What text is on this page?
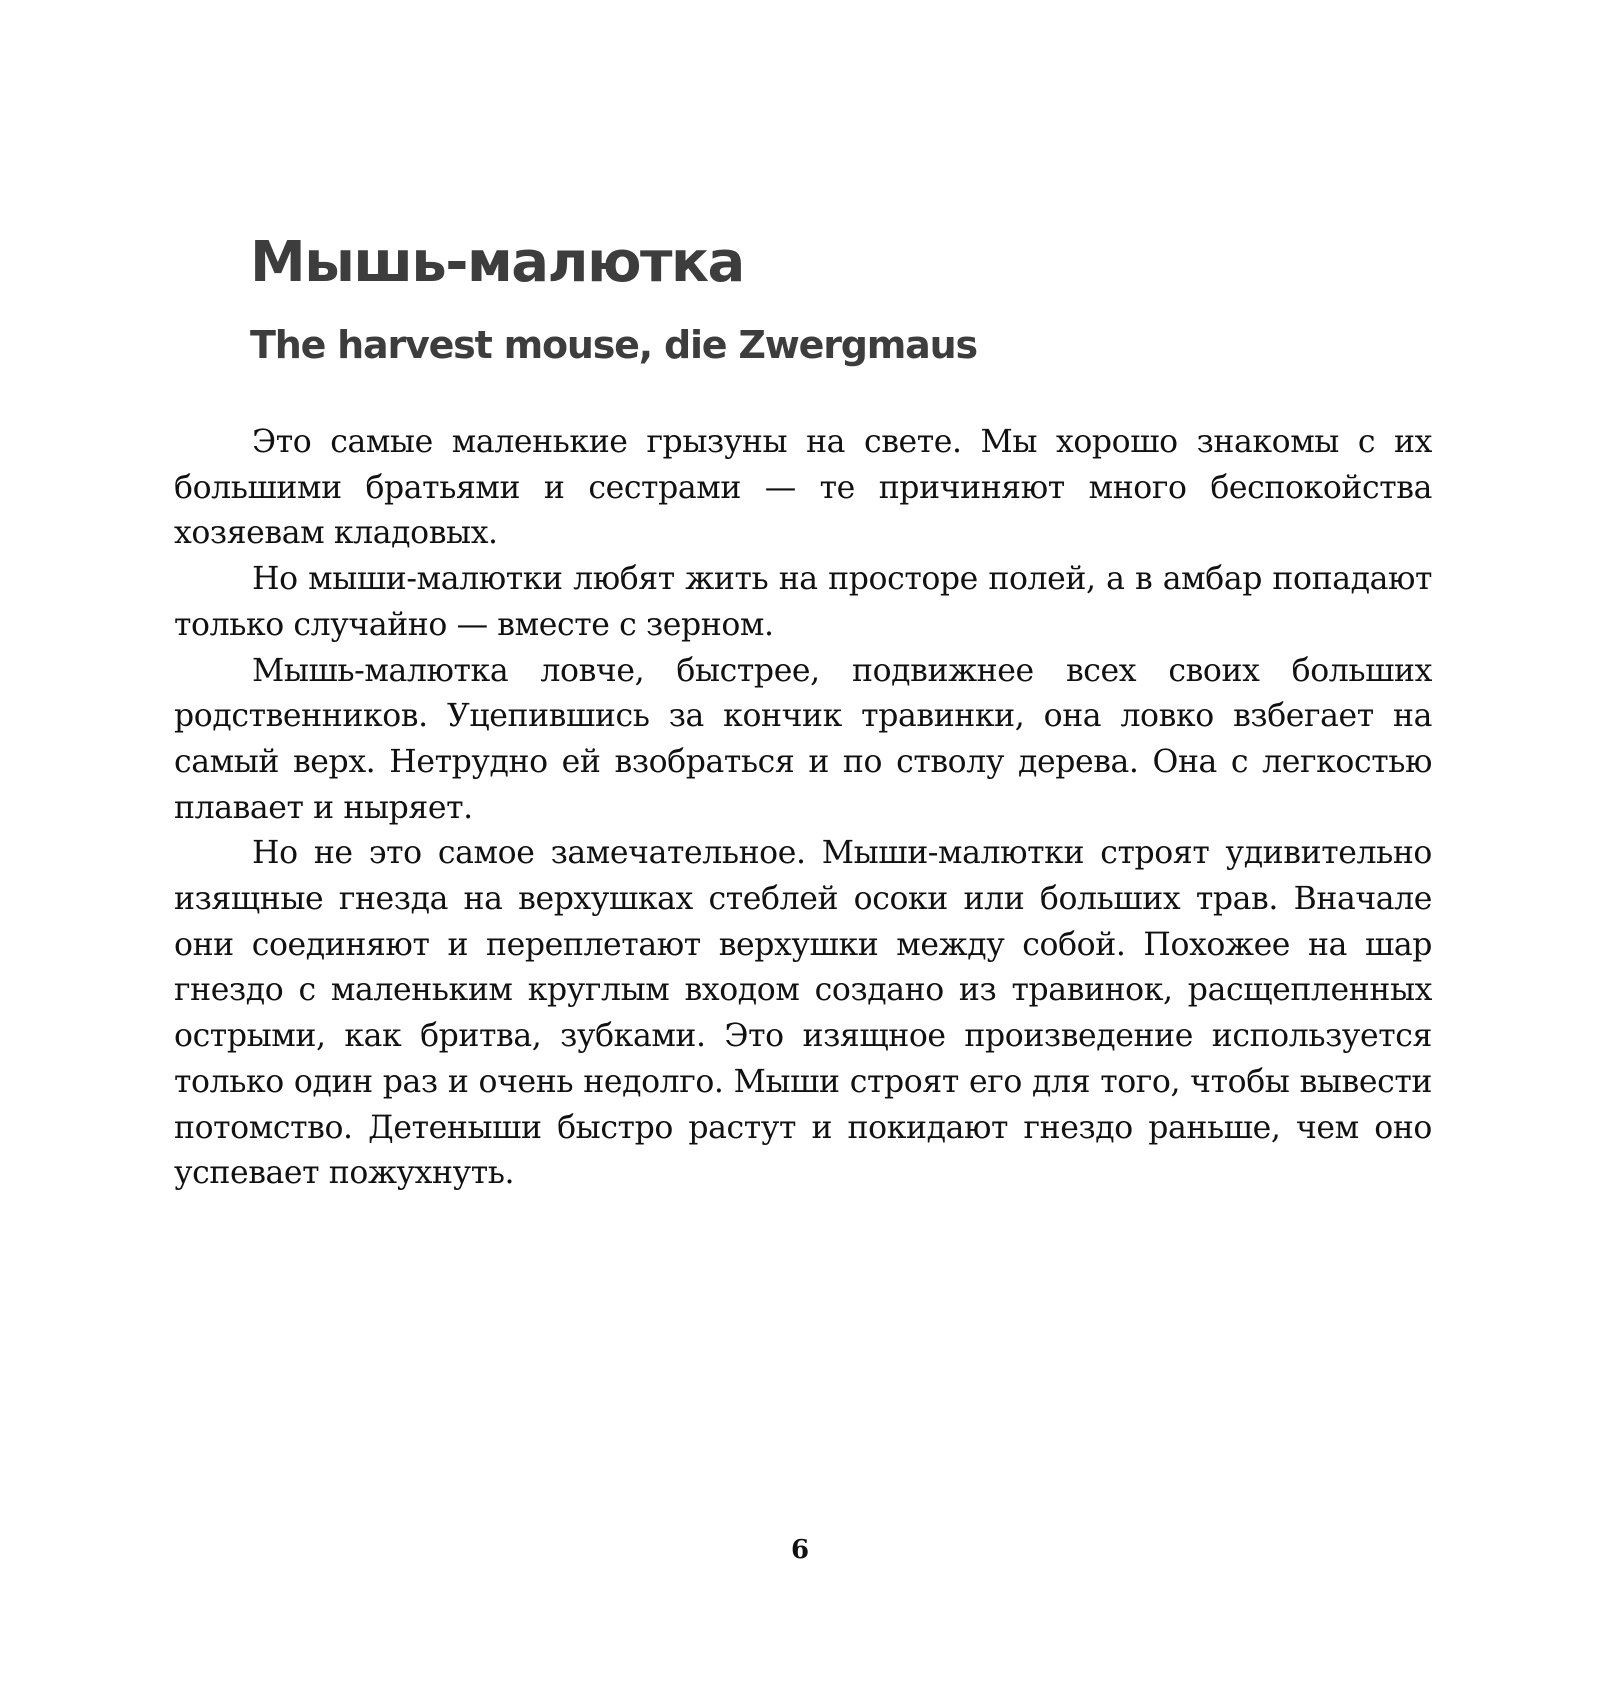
Мышь-малютка
The harvest mouse, die Zwergmaus

Это самые маленькие грызуны на свете. Мы хорошо знакомы с их большими братьями и сестрами — те причиняют много беспокойства хозяевам кладовых.

Но мыши-малютки любят жить на просторе полей, а в амбар попадают только случайно — вместе с зерном.

Мышь-малютка ловче, быстрее, подвижнее всех своих больших родственников. Уцепившись за кончик травинки, она ловко взбегает на самый верх. Нетрудно ей взобраться и по стволу дерева. Она с легкостью плавает и ныряет.

Но не это самое замечательное. Мыши-малютки строят удивительно изящные гнезда на верхушках стеблей осоки или больших трав. Вначале они соединяют и переплетают верхушки между собой. Похожее на шар гнездо с маленьким круглым входом создано из травинок, расщепленных острыми, как бритва, зубками. Это изящное произведение используется только один раз и очень недолго. Мыши строят его для того, чтобы вывести потомство. Детеныши быстро растут и покидают гнездо раньше, чем оно успевает пожухнуть.

6
